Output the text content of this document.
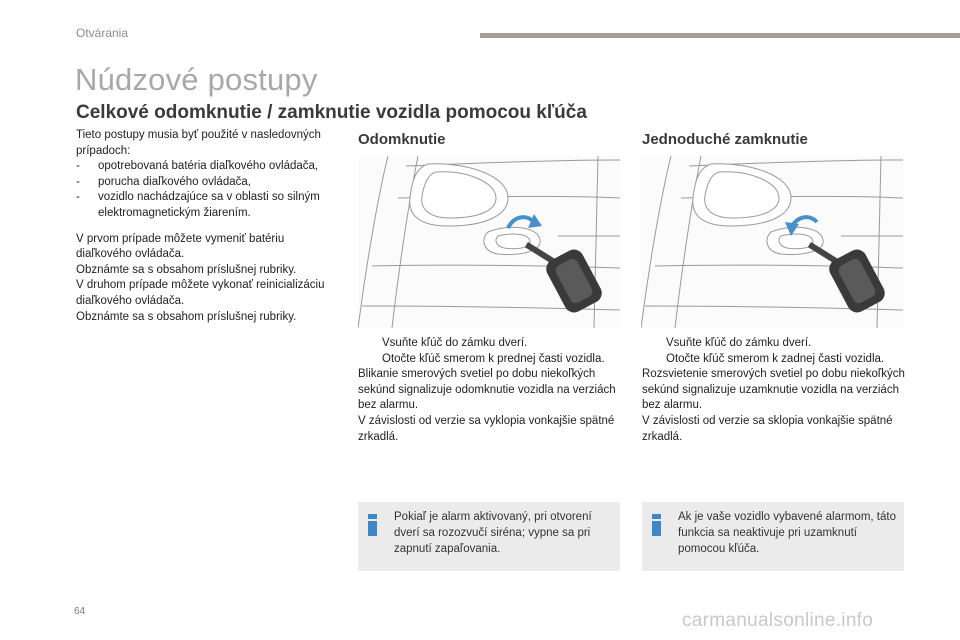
Otvárania
Núdzové postupy
Celkové odomknutie / zamknutie vozidla pomocou kľúča

Tieto postupy musia byť použité v nasledovných prípadoch:

-	opotrebovaná batéria diaľkového ovládača,
-	porucha diaľkového ovládača,
-	vozidlo nachádzajúce sa v oblasti so silným elektromagnetickým žiarením.

V prvom prípade môžete vymeniť batériu diaľkového ovládača.

Obznámte sa s obsahom príslušnej rubriky.

V druhom prípade môžete vykonať reinicializáciu diaľkového ovládača.

Obznámte sa s obsahom príslušnej rubriky.

Odomknutie
Vsuňte kľúč do zámku dverí.
Otočte kľúč smerom k prednej časti vozidla.

Blikanie smerových svetiel po dobu niekoľkých sekúnd signalizuje odomknutie vozidla na verziách bez alarmu.

V závislosti od verzie sa vyklopia vonkajšie spätné zrkadlá.

Pokiaľ je alarm aktivovaný, pri otvorení dverí sa rozozvučí siréna; vypne sa pri zapnutí zapaľovania.
Jednoduché zamknutie
Vsuňte kľúč do zámku dverí.
Otočte kľúč smerom k zadnej časti vozidla.

Rozsvietenie smerových svetiel po dobu niekoľkých sekúnd signalizuje uzamknutie vozidla na verziách bez alarmu.

V závislosti od verzie sa sklopia vonkajšie spätné zrkadlá.

Ak je vaše vozidlo vybavené alarmom, táto funkcia sa neaktivuje pri uzamknutí pomocou kľúča.
64	carmanualsonline.info
